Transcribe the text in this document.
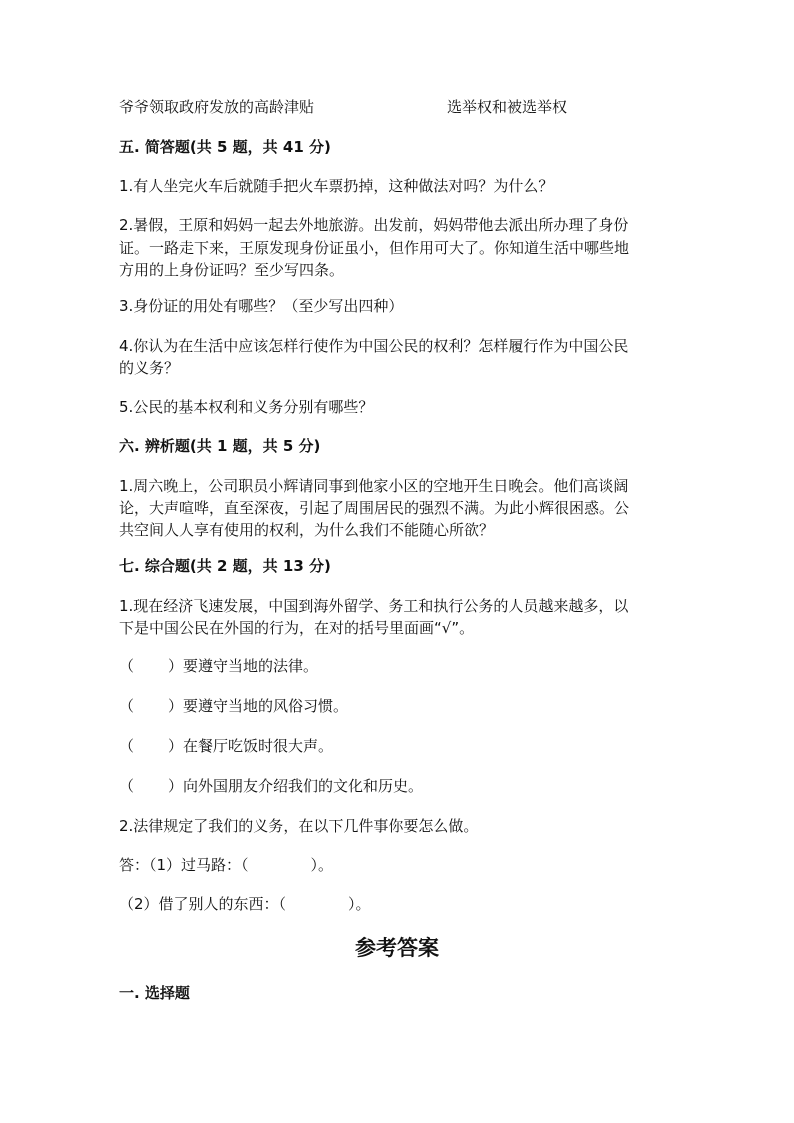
爷爷领取政府发放的高龄津贴	选举权和被选举权
五. 简答题(共 5 题，共 41 分)
1.有人坐完火车后就随手把火车票扔掉，这种做法对吗？为什么？
2.暑假，王原和妈妈一起去外地旅游。出发前，妈妈带他去派出所办理了身份
证。一路走下来，王原发现身份证虽小，但作用可大了。你知道生活中哪些地
方用的上身份证吗？至少写四条。
3.身份证的用处有哪些？（至少写出四种）
4.你认为在生活中应该怎样行使作为中国公民的权利？怎样履行作为中国公民
的义务？
5.公民的基本权利和义务分别有哪些？
六. 辨析题(共 1 题，共 5 分)
1.周六晚上，公司职员小辉请同事到他家小区的空地开生日晚会。他们高谈阔
论，大声喧哗，直至深夜，引起了周围居民的强烈不满。为此小辉很困惑。公
共空间人人享有使用的权利，为什么我们不能随心所欲？
七. 综合题(共 2 题，共 13 分)
1.现在经济飞速发展，中国到海外留学、务工和执行公务的人员越来越多，以
下是中国公民在外国的行为，在对的括号里面画“√”。
（ ）要遵守当地的法律。
（ ）要遵守当地的风俗习惯。
（ ）在餐厅吃饭时很大声。
（ ）向外国朋友介绍我们的文化和历史。
2.法律规定了我们的义务，在以下几件事你要怎么做。
答：（1）过马路：（	）。
（2）借了别人的东西：（	）。
参考答案
一. 选择题
